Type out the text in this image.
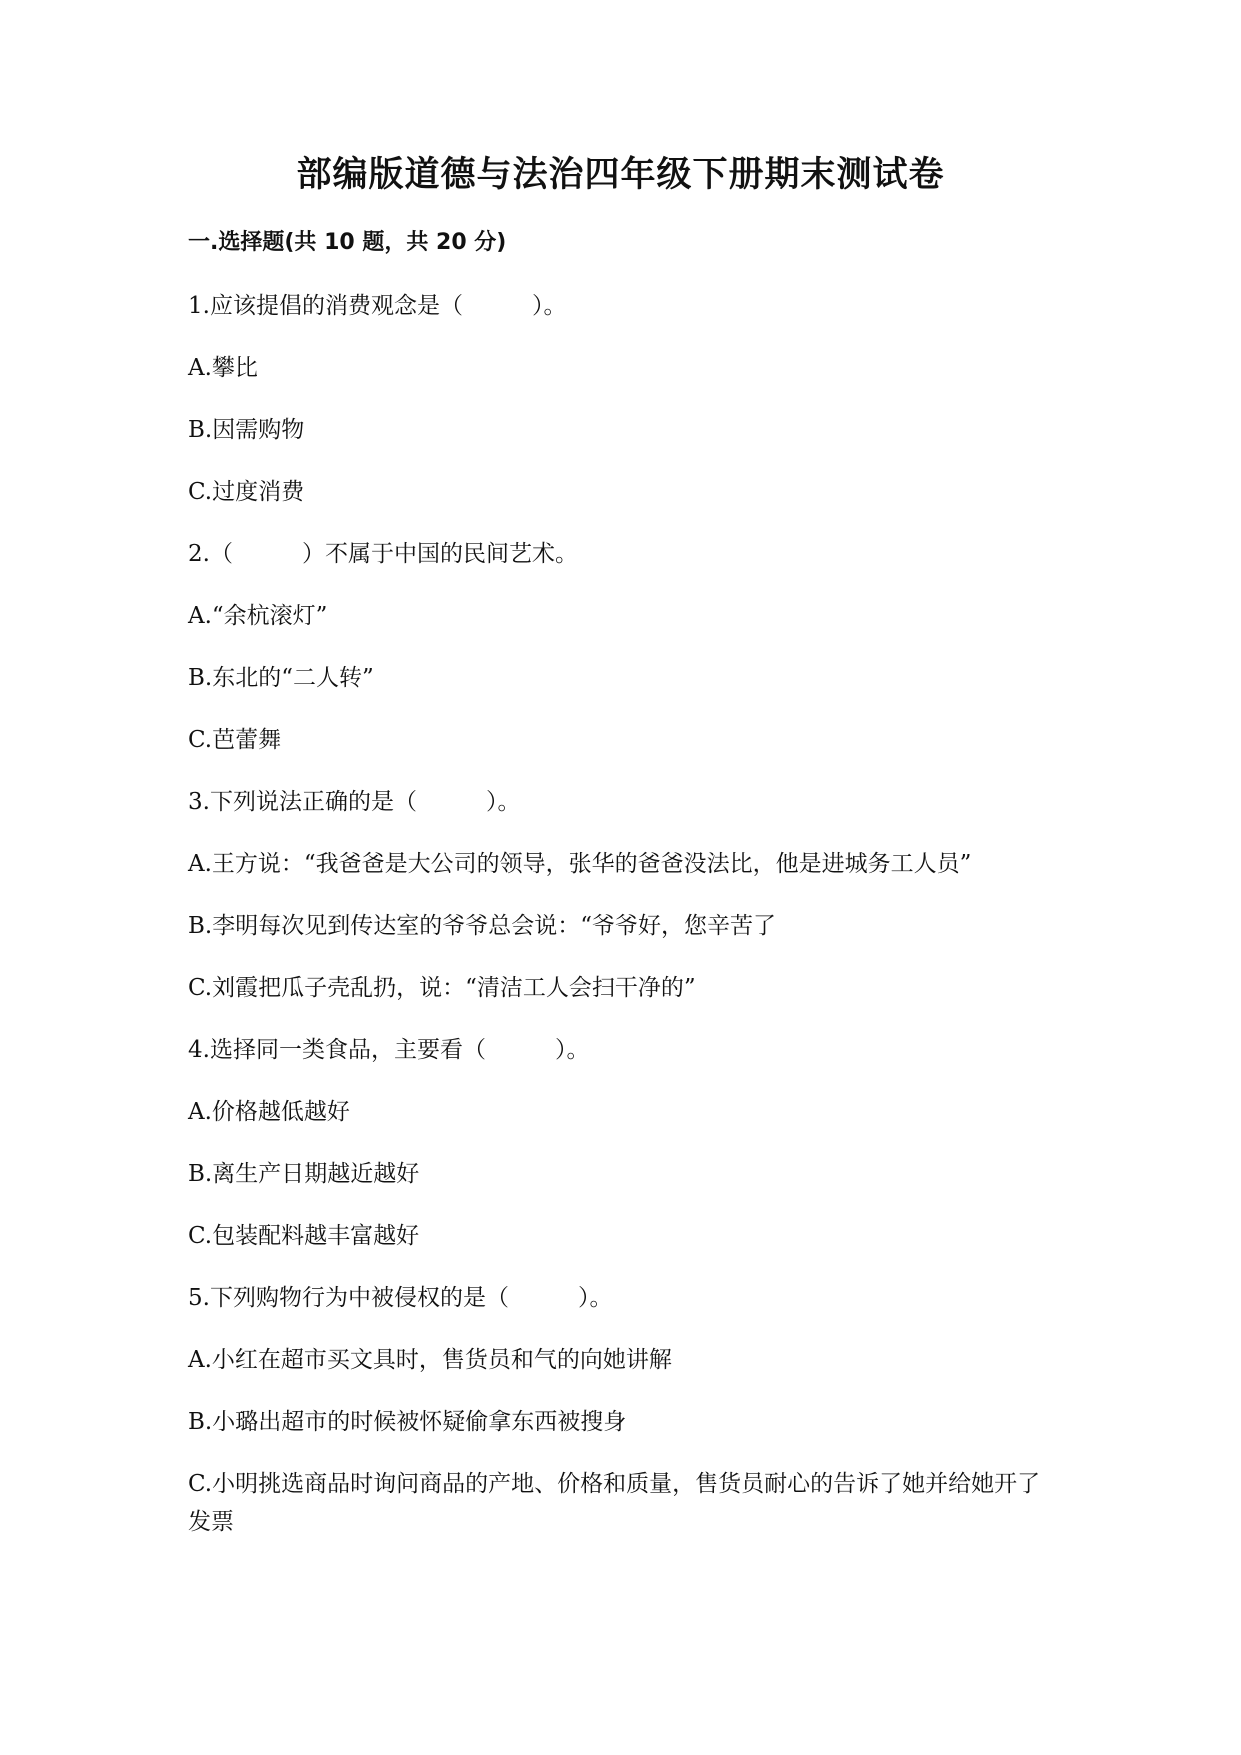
部编版道德与法治四年级下册期末测试卷
一.选择题(共 10 题，共 20 分)

1.应该提倡的消费观念是（　　　）。

A.攀比

B.因需购物

C.过度消费

2.（　　　）不属于中国的民间艺术。

A.“余杭滚灯”

B.东北的“二人转”

C.芭蕾舞

3.下列说法正确的是（　　　）。

A.王方说：“我爸爸是大公司的领导，张华的爸爸没法比，他是进城务工人员”

B.李明每次见到传达室的爷爷总会说：“爷爷好，您辛苦了

C.刘霞把瓜子壳乱扔，说：“清洁工人会扫干净的”

4.选择同一类食品，主要看（　　　）。

A.价格越低越好

B.离生产日期越近越好

C.包装配料越丰富越好

5.下列购物行为中被侵权的是（　　　）。

A.小红在超市买文具时，售货员和气的向她讲解

B.小璐出超市的时候被怀疑偷拿东西被搜身

C.小明挑选商品时询问商品的产地、价格和质量，售货员耐心的告诉了她并给她开了发票
